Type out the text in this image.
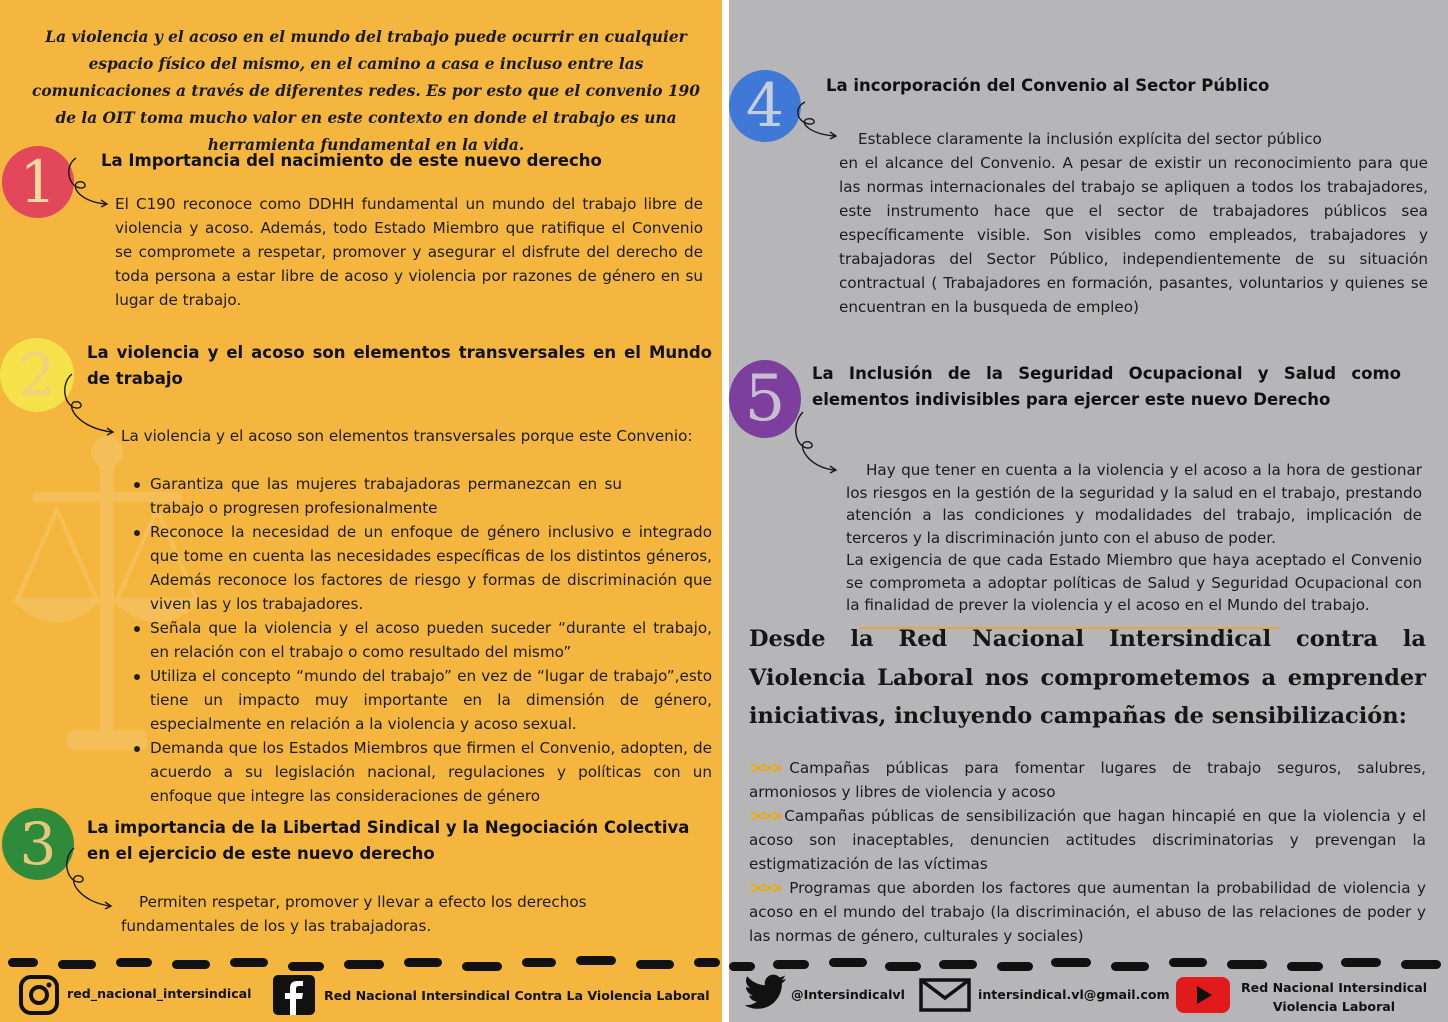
La violencia y el acoso en el mundo del trabajo puede ocurrir en cualquier espacio físico del mismo, en el camino a casa e incluso entre las comunicaciones a través de diferentes redes. Es por esto que el convenio 190 de la OIT toma mucho valor en este contexto en donde el trabajo es una herramienta fundamental en la vida.
1	La Importancia del nacimiento de este nuevo derecho
El C190 reconoce como DDHH fundamental un mundo del trabajo libre de violencia y acoso. Además, todo Estado Miembro que ratifique el Convenio se compromete a respetar, promover y asegurar el disfrute del derecho de toda persona a estar libre de acoso y violencia por razones de género en su lugar de trabajo.
2	La violencia y el acoso son elementos transversales en el Mundo de trabajo
La violencia y el acoso son elementos transversales porque este Convenio:
Garantiza que las mujeres trabajadoras permanezcan en su trabajo o progresen profesionalmente
Reconoce la necesidad de un enfoque de género inclusivo e integrado que tome en cuenta las necesidades específicas de los distintos géneros, Además reconoce los factores de riesgo y formas de discriminación que viven las y los trabajadores.
Señala que la violencia y el acoso pueden suceder “durante el trabajo, en relación con el trabajo o como resultado del mismo”
Utiliza el concepto “mundo del trabajo” en vez de “lugar de trabajo”,esto tiene un impacto muy importante en la dimensión de género, especialmente en relación a la violencia y acoso sexual.
Demanda que los Estados Miembros que firmen el Convenio, adopten, de acuerdo a su legislación nacional, regulaciones y políticas con un enfoque que integre las consideraciones de género
3	La importancia de la Libertad Sindical y la Negociación Colectiva en el ejercicio de este nuevo derecho
Permiten respetar, promover y llevar a efecto los derechos fundamentales de los y las trabajadoras.
red_nacional_intersindical	Red Nacional Intersindical Contra La Violencia Laboral
4	La incorporación del Convenio al Sector Público
Establece claramente la inclusión explícita del sector público
en el alcance del Convenio. A pesar de existir un reconocimiento para que las normas internacionales del trabajo se apliquen a todos los trabajadores, este instrumento hace que el sector de trabajadores públicos sea específicamente visible. Son visibles como empleados, trabajadores y trabajadoras del Sector Público, independientemente de su situación contractual ( Trabajadores en formación, pasantes, voluntarios y quienes se encuentran en la busqueda de empleo)
5	La Inclusión de la Seguridad Ocupacional y Salud como elementos indivisibles para ejercer este nuevo Derecho
Hay que tener en cuenta a la violencia y el acoso a la hora de gestionar los riesgos en la gestión de la seguridad y la salud en el trabajo, prestando atención a las condiciones y modalidades del trabajo, implicación de terceros y la discriminación junto con el abuso de poder.
La exigencia de que cada Estado Miembro que haya aceptado el Convenio se comprometa a adoptar políticas de Salud y Seguridad Ocupacional con la finalidad de prever la violencia y el acoso en el Mundo del trabajo.
Desde la Red Nacional Intersindical contra la Violencia Laboral nos comprometemos a emprender iniciativas, incluyendo campañas de sensibilización:
>>> Campañas públicas para fomentar lugares de trabajo seguros, salubres, armoniosos y libres de violencia y acoso
>>> Campañas públicas de sensibilización que hagan hincapié en que la violencia y el acoso son inaceptables, denuncien actitudes discriminatorias y prevengan la estigmatización de las víctimas
>>> Programas que aborden los factores que aumentan la probabilidad de violencia y acoso en el mundo del trabajo (la discriminación, el abuso de las relaciones de poder y las normas de género, culturales y sociales)
@Intersindicalvl	intersindical.vl@gmail.com	Red Nacional Intersindical
Violencia Laboral
